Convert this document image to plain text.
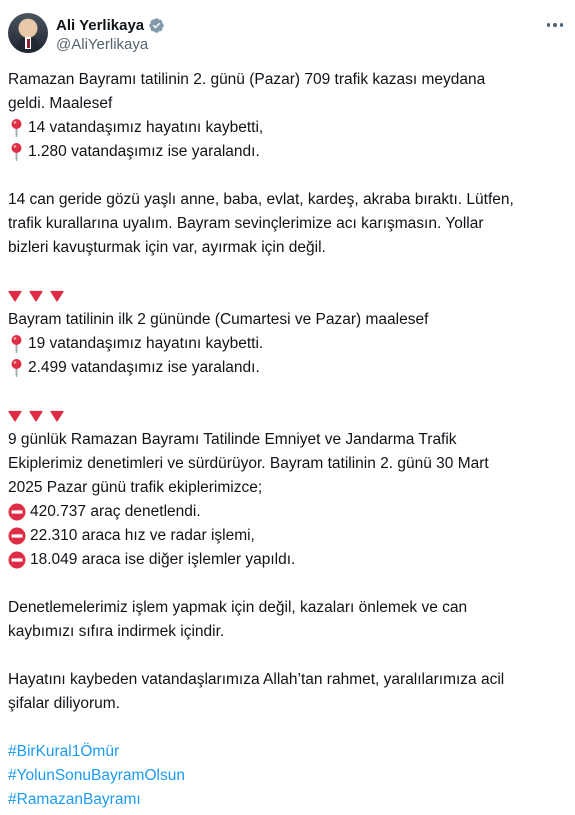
Ali Yerlikaya
@AliYerlikaya
Ramazan Bayramı tatilinin 2. günü (Pazar) 709 trafik kazası meydana
geldi. Maalesef
14 vatandaşımız hayatını kaybetti,
1.280 vatandaşımız ise yaralandı.
14 can geride gözü yaşlı anne, baba, evlat, kardeş, akraba bıraktı. Lütfen,
trafik kurallarına uyalım. Bayram sevinçlerimize acı karışmasın. Yollar
bizleri kavuşturmak için var, ayırmak için değil.
Bayram tatilinin ilk 2 gününde (Cumartesi ve Pazar) maalesef
19 vatandaşımız hayatını kaybetti.
2.499 vatandaşımız ise yaralandı.
9 günlük Ramazan Bayramı Tatilinde Emniyet ve Jandarma Trafik
Ekiplerimiz denetimleri ve sürdürüyor. Bayram tatilinin 2. günü 30 Mart
2025 Pazar günü trafik ekiplerimizce;
420.737 araç denetlendi.
22.310 araca hız ve radar işlemi,
18.049 araca ise diğer işlemler yapıldı.
Denetlemelerimiz işlem yapmak için değil, kazaları önlemek ve can
kaybımızı sıfıra indirmek içindir.
Hayatını kaybeden vatandaşlarımıza Allah’tan rahmet, yaralılarımıza acil
şifalar diliyorum.
#BirKural1Ömür
#YolunSonuBayramOlsun
#RamazanBayramı
